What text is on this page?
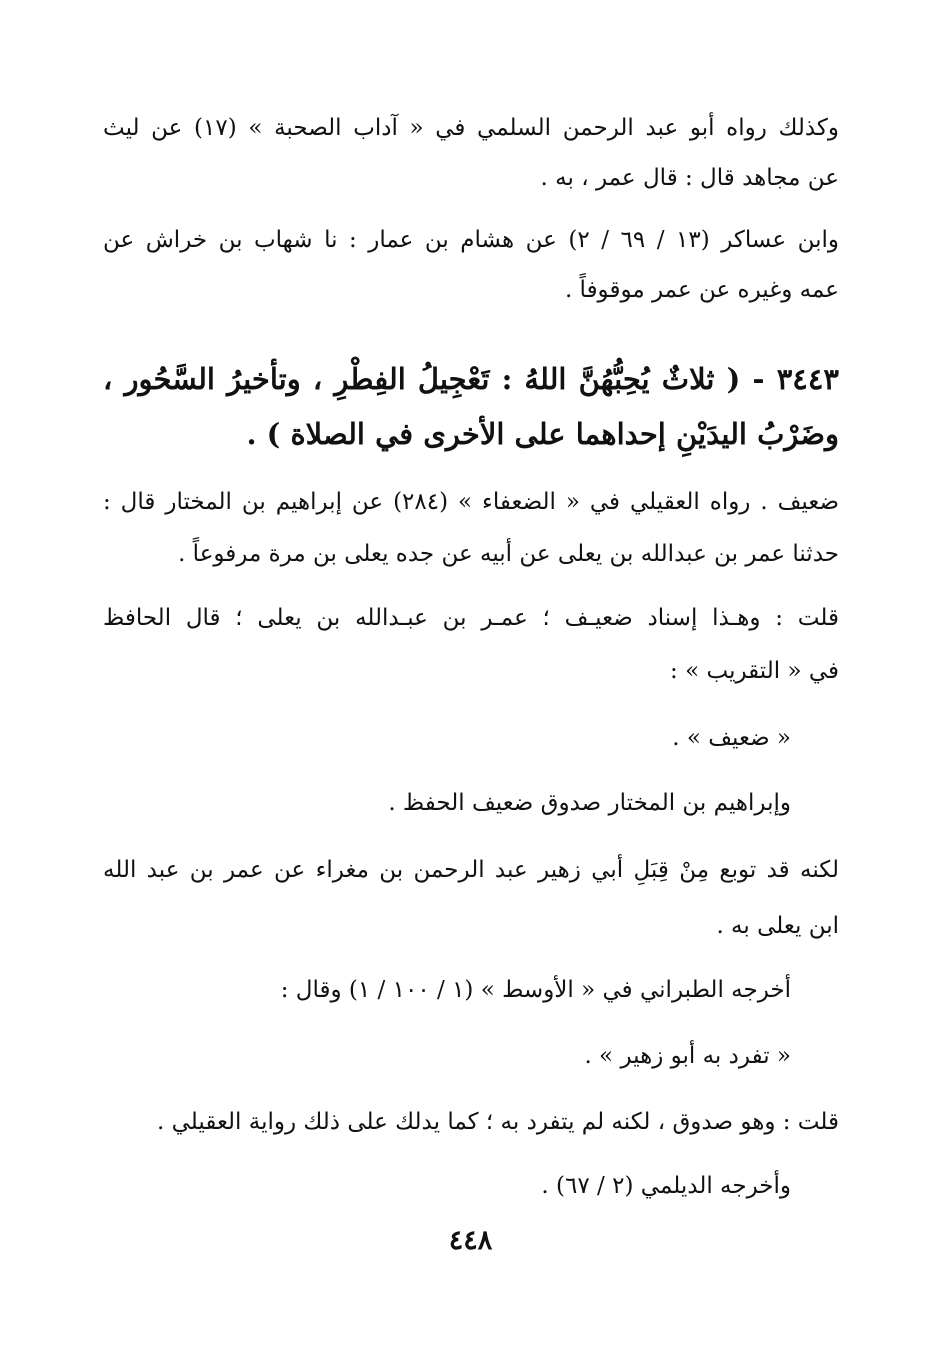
وكذلك رواه أبو عبد الرحمن السلمي في « آداب الصحبة » (١٧) عن ليث
عن مجاهد قال : قال عمر ، به .
وابن عساكر (١٣ / ٦٩ / ٢) عن هشام بن عمار : نا شهاب بن خراش عن
عمه وغيره عن عمر موقوفاً .
٣٤٤٣ - ( ثلاثٌ يُحِبُّهُنَّ اللهُ : تَعْجِيلُ الفِطْرِ ، وتأخيرُ السَّحُور ،
وضَرْبُ اليدَيْنِ إحداهما على الأخرى في الصلاة ) .
ضعيف . رواه العقيلي في « الضعفاء » (٢٨٤) عن إبراهيم بن المختار قال :
حدثنا عمر بن عبدالله بن يعلى عن أبيه عن جده يعلى بن مرة مرفوعاً .
قلت : وهـذا إسناد ضعيـف ؛ عمـر بن عبـدالله بن يعلى ؛ قال الحافظ
في « التقريب » :
« ضعيف » .
وإبراهيم بن المختار صدوق ضعيف الحفظ .
لكنه قد توبع مِنْ قِبَلِ أبي زهير عبد الرحمن بن مغراء عن عمر بن عبد الله
ابن يعلى به .
أخرجه الطبراني في « الأوسط » (١ / ١٠٠ / ١) وقال :
« تفرد به أبو زهير » .
قلت : وهو صدوق ، لكنه لم يتفرد به ؛ كما يدلك على ذلك رواية العقيلي .
وأخرجه الديلمي (٢ / ٦٧) .
٤٤٨
